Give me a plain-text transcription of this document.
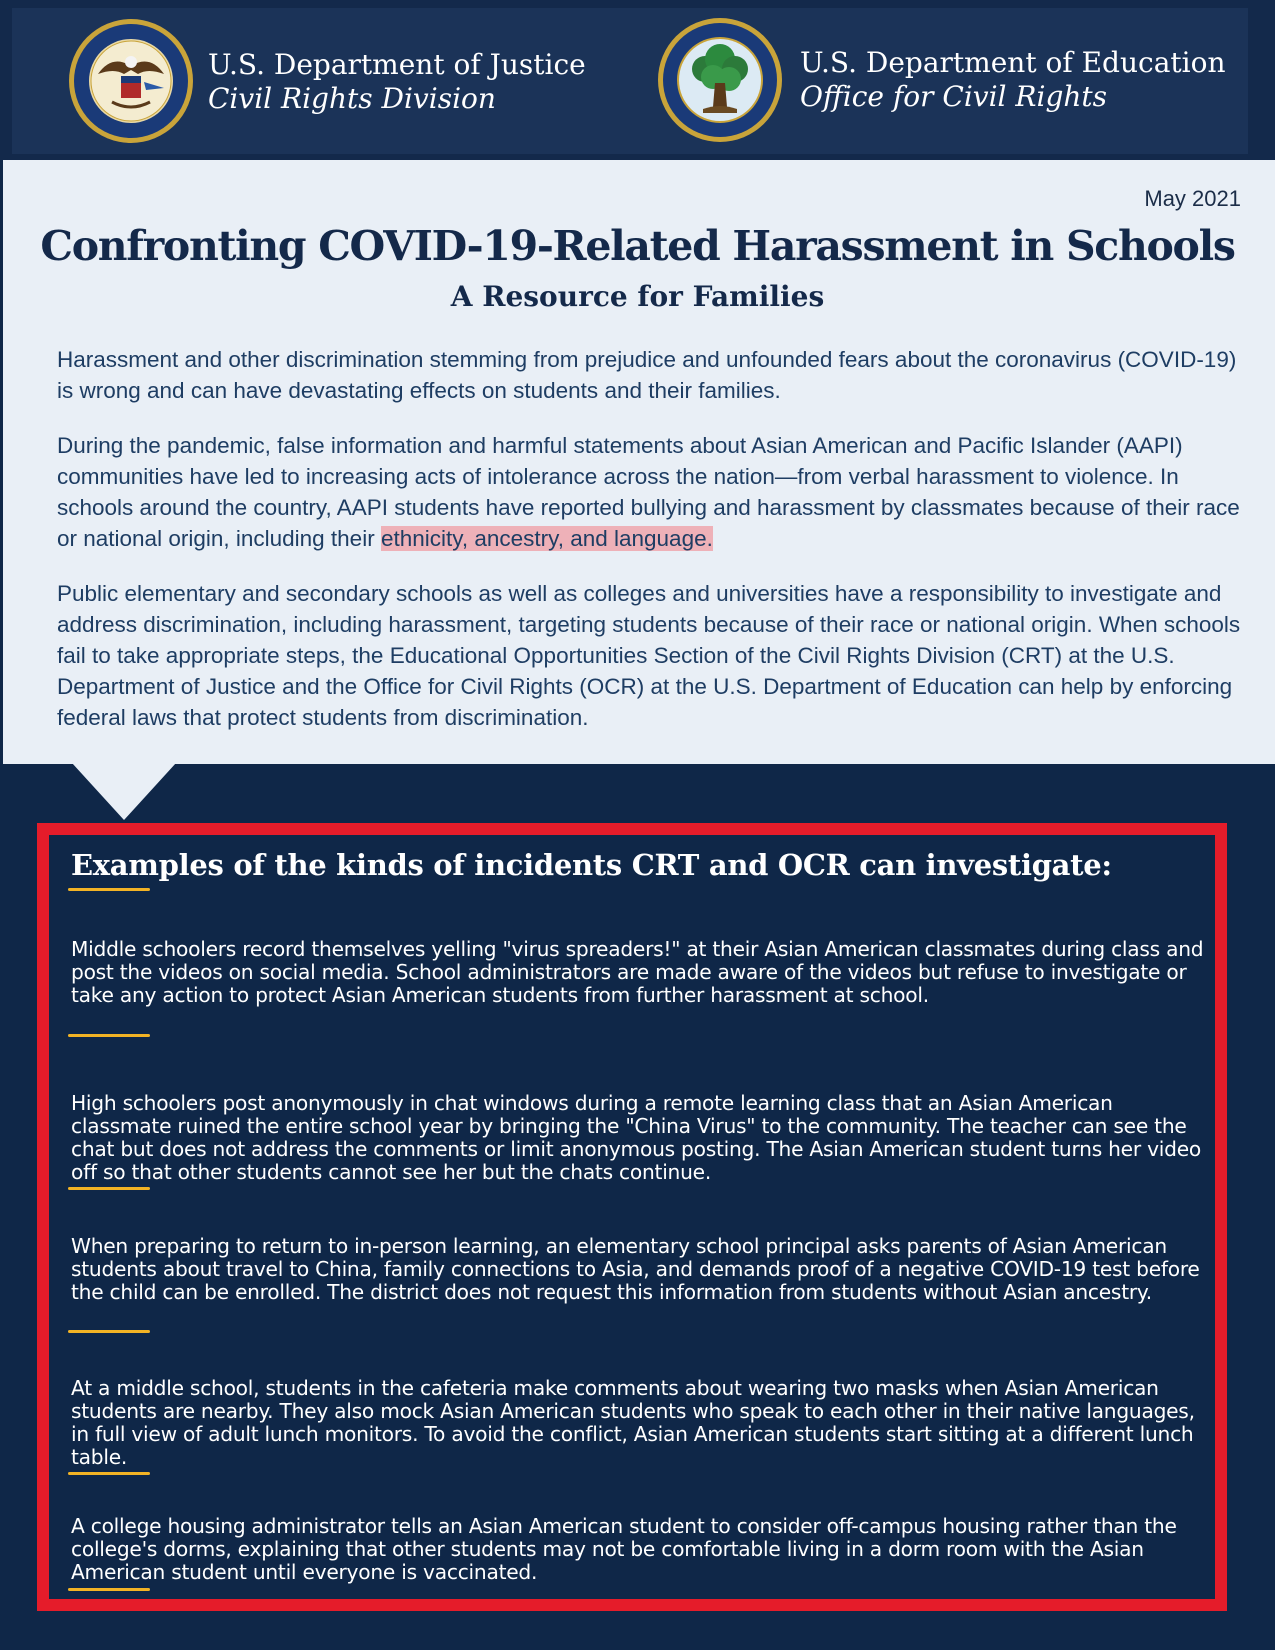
U.S. Department of Justice
Civil Rights Division
U.S. Department of Education
Office for Civil Rights
May 2021
Confronting COVID-19-Related Harassment in Schools
A Resource for Families

Harassment and other discrimination stemming from prejudice and unfounded fears about the coronavirus (COVID-19) is wrong and can have devastating effects on students and their families.

During the pandemic, false information and harmful statements about Asian American and Pacific Islander (AAPI) communities have led to increasing acts of intolerance across the nation—from verbal harassment to violence. In schools around the country, AAPI students have reported bullying and harassment by classmates because of their race or national origin, including their ethnicity, ancestry, and language.

Public elementary and secondary schools as well as colleges and universities have a responsibility to investigate and address discrimination, including harassment, targeting students because of their race or national origin. When schools fail to take appropriate steps, the Educational Opportunities Section of the Civil Rights Division (CRT) at the U.S. Department of Justice and the Office for Civil Rights (OCR) at the U.S. Department of Education can help by enforcing federal laws that protect students from discrimination.

Examples of the kinds of incidents CRT and OCR can investigate:

Middle schoolers record themselves yelling "virus spreaders!" at their Asian American classmates during class and post the videos on social media. School administrators are made aware of the videos but refuse to investigate or take any action to protect Asian American students from further harassment at school.

High schoolers post anonymously in chat windows during a remote learning class that an Asian American classmate ruined the entire school year by bringing the "China Virus" to the community. The teacher can see the chat but does not address the comments or limit anonymous posting. The Asian American student turns her video off so that other students cannot see her but the chats continue.

When preparing to return to in-person learning, an elementary school principal asks parents of Asian American students about travel to China, family connections to Asia, and demands proof of a negative COVID-19 test before the child can be enrolled. The district does not request this information from students without Asian ancestry.

At a middle school, students in the cafeteria make comments about wearing two masks when Asian American students are nearby. They also mock Asian American students who speak to each other in their native languages, in full view of adult lunch monitors. To avoid the conflict, Asian American students start sitting at a different lunch table.

A college housing administrator tells an Asian American student to consider off-campus housing rather than the college's dorms, explaining that other students may not be comfortable living in a dorm room with the Asian American student until everyone is vaccinated.
